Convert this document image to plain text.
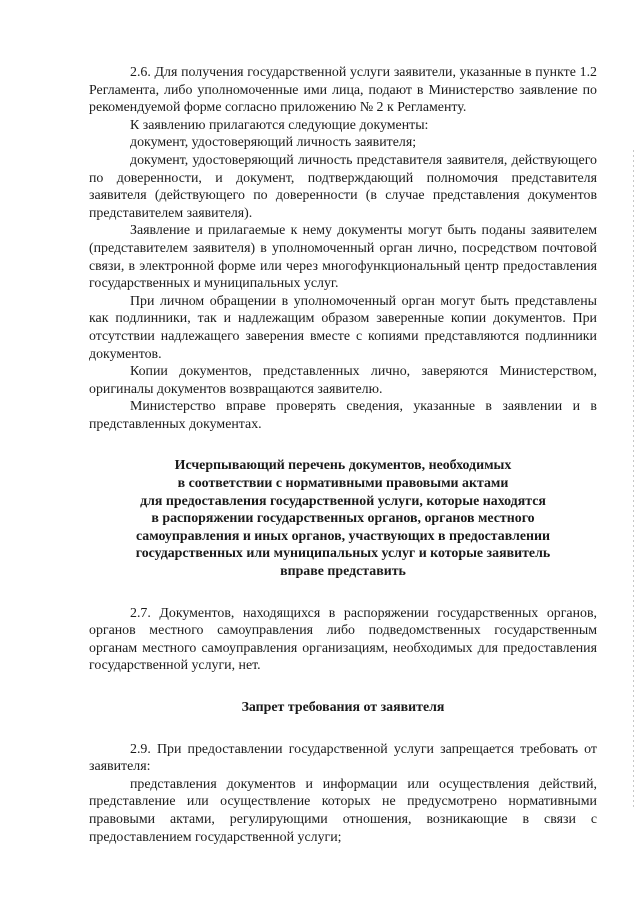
2.6. Для получения государственной услуги заявители, указанные в пункте 1.2 Регламента, либо уполномоченные ими лица, подают в Министерство заявление по рекомендуемой форме согласно приложению № 2 к Регламенту.

К заявлению прилагаются следующие документы:

документ, удостоверяющий личность заявителя;

документ, удостоверяющий личность представителя заявителя, действующего по доверенности, и документ, подтверждающий полномочия представителя заявителя (действующего по доверенности (в случае представления документов представителем заявителя).

Заявление и прилагаемые к нему документы могут быть поданы заявителем (представителем заявителя) в уполномоченный орган лично, посредством почтовой связи, в электронной форме или через многофункциональный центр предоставления государственных и муниципальных услуг.

При личном обращении в уполномоченный орган могут быть представлены как подлинники, так и надлежащим образом заверенные копии документов. При отсутствии надлежащего заверения вместе с копиями представляются подлинники документов.

Копии документов, представленных лично, заверяются Министерством, оригиналы документов возвращаются заявителю.

Министерство вправе проверять сведения, указанные в заявлении и в представленных документах.

Исчерпывающий перечень документов, необходимых
в соответствии с нормативными правовыми актами
для предоставления государственной услуги, которые находятся
в распоряжении государственных органов, органов местного
самоуправления и иных органов, участвующих в предоставлении
государственных или муниципальных услуг и которые заявитель
вправе представить

2.7. Документов, находящихся в распоряжении государственных органов, органов местного самоуправления либо подведомственных государственным органам местного самоуправления организациям, необходимых для предоставления государственной услуги, нет.

Запрет требования от заявителя

2.9. При предоставлении государственной услуги запрещается требовать от заявителя:

представления документов и информации или осуществления действий, представление или осуществление которых не предусмотрено нормативными правовыми актами, регулирующими отношения, возникающие в связи с предоставлением государственной услуги;
